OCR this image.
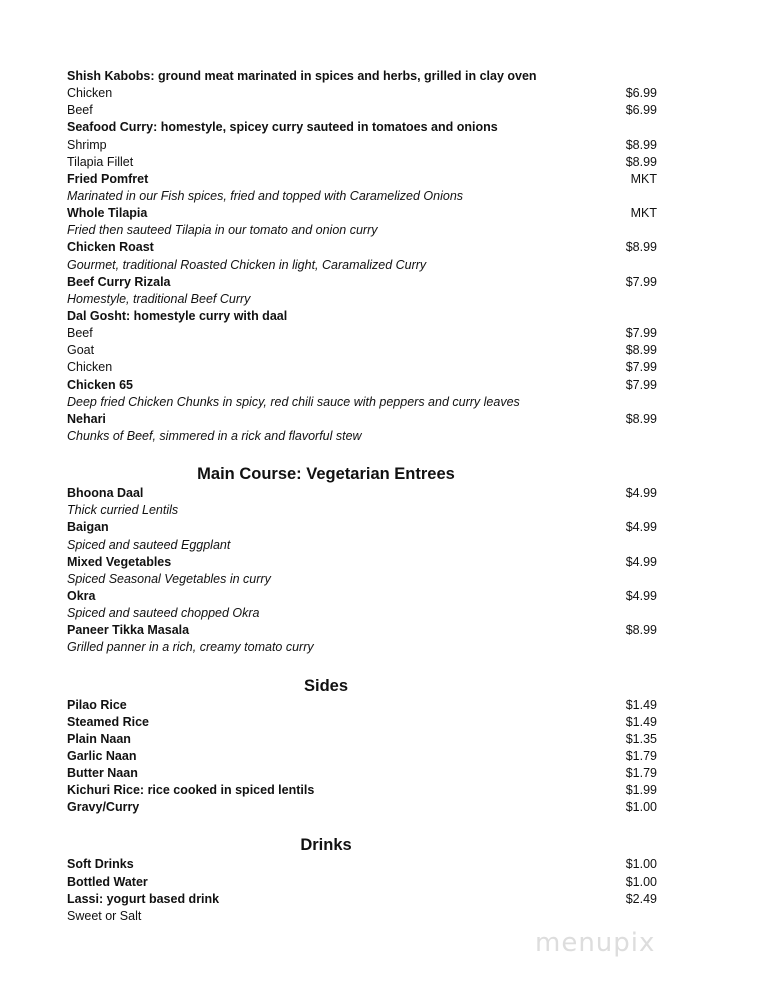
Shish Kabobs: ground meat marinated in spices and herbs, grilled in clay oven
Chicken	$6.99
Beef	$6.99
Seafood Curry: homestyle, spicey curry sauteed in tomatoes and onions
Shrimp	$8.99
Tilapia Fillet	$8.99
Fried Pomfret	MKT
Marinated in our Fish spices, fried and topped with Caramelized Onions
Whole Tilapia	MKT
Fried then sauteed Tilapia in our tomato and onion curry
Chicken Roast	$8.99
Gourmet, traditional Roasted Chicken in light, Caramalized Curry
Beef Curry Rizala	$7.99
Homestyle, traditional Beef Curry
Dal Gosht: homestyle curry with daal
Beef	$7.99
Goat	$8.99
Chicken	$7.99
Chicken 65	$7.99
Deep fried Chicken Chunks in spicy, red chili sauce with peppers and curry leaves
Nehari	$8.99
Chunks of Beef, simmered in a rick and flavorful stew
Main Course: Vegetarian Entrees
Bhoona Daal	$4.99
Thick curried Lentils
Baigan	$4.99
Spiced and sauteed Eggplant
Mixed Vegetables	$4.99
Spiced Seasonal Vegetables in curry
Okra	$4.99
Spiced and sauteed chopped Okra
Paneer Tikka Masala	$8.99
Grilled panner in a rich, creamy tomato curry
Sides
Pilao Rice	$1.49
Steamed Rice	$1.49
Plain Naan	$1.35
Garlic Naan	$1.79
Butter Naan	$1.79
Kichuri Rice: rice cooked in spiced lentils	$1.99
Gravy/Curry	$1.00
Drinks
Soft Drinks	$1.00
Bottled Water	$1.00
Lassi: yogurt based drink	$2.49
Sweet or Salt
menupix
